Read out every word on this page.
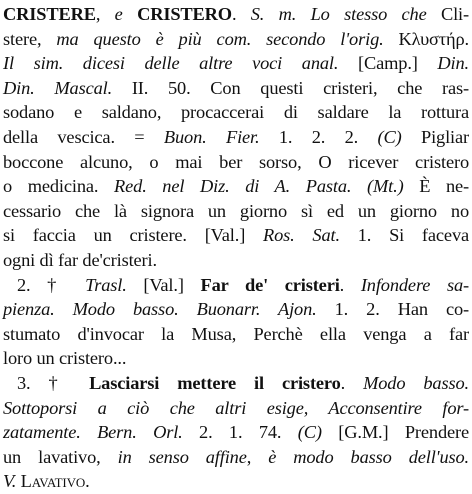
CRISTERE, e CRISTERO. S. m. Lo stesso che Cli-
stere, ma questo è più com. secondo l'orig. Κλυστήρ.
Il sim. dicesi delle altre voci anal. [Camp.] Din.
Din. Mascal. II. 50. Con questi cristeri, che ras-
sodano e saldano, procaccerai di saldare la rottura
della vescica. = Buon. Fier. 1. 2. 2. (C) Pigliar
boccone alcuno, o mai ber sorso, O ricever cristero
o medicina. Red. nel Diz. di A. Pasta. (Mt.) È ne-
cessario che là signora un giorno sì ed un giorno no
si faccia un cristere. [Val.] Ros. Sat. 1. Si faceva
ogni dì far de'cristeri.
2. † Trasl. [Val.] Far de' cristeri. Infondere sa-
pienza. Modo basso. Buonarr. Ajon. 1. 2. Han co-
stumato d'invocar la Musa, Perchè ella venga a far
loro un cristero...
3. † Lasciarsi mettere il cristero. Modo basso.
Sottoporsi a ciò che altri esige, Acconsentire for-
zatamente. Bern. Orl. 2. 1. 74. (C) [G.M.] Prendere
un lavativo, in senso affine, è modo basso dell'uso.
V. Lavativo.
